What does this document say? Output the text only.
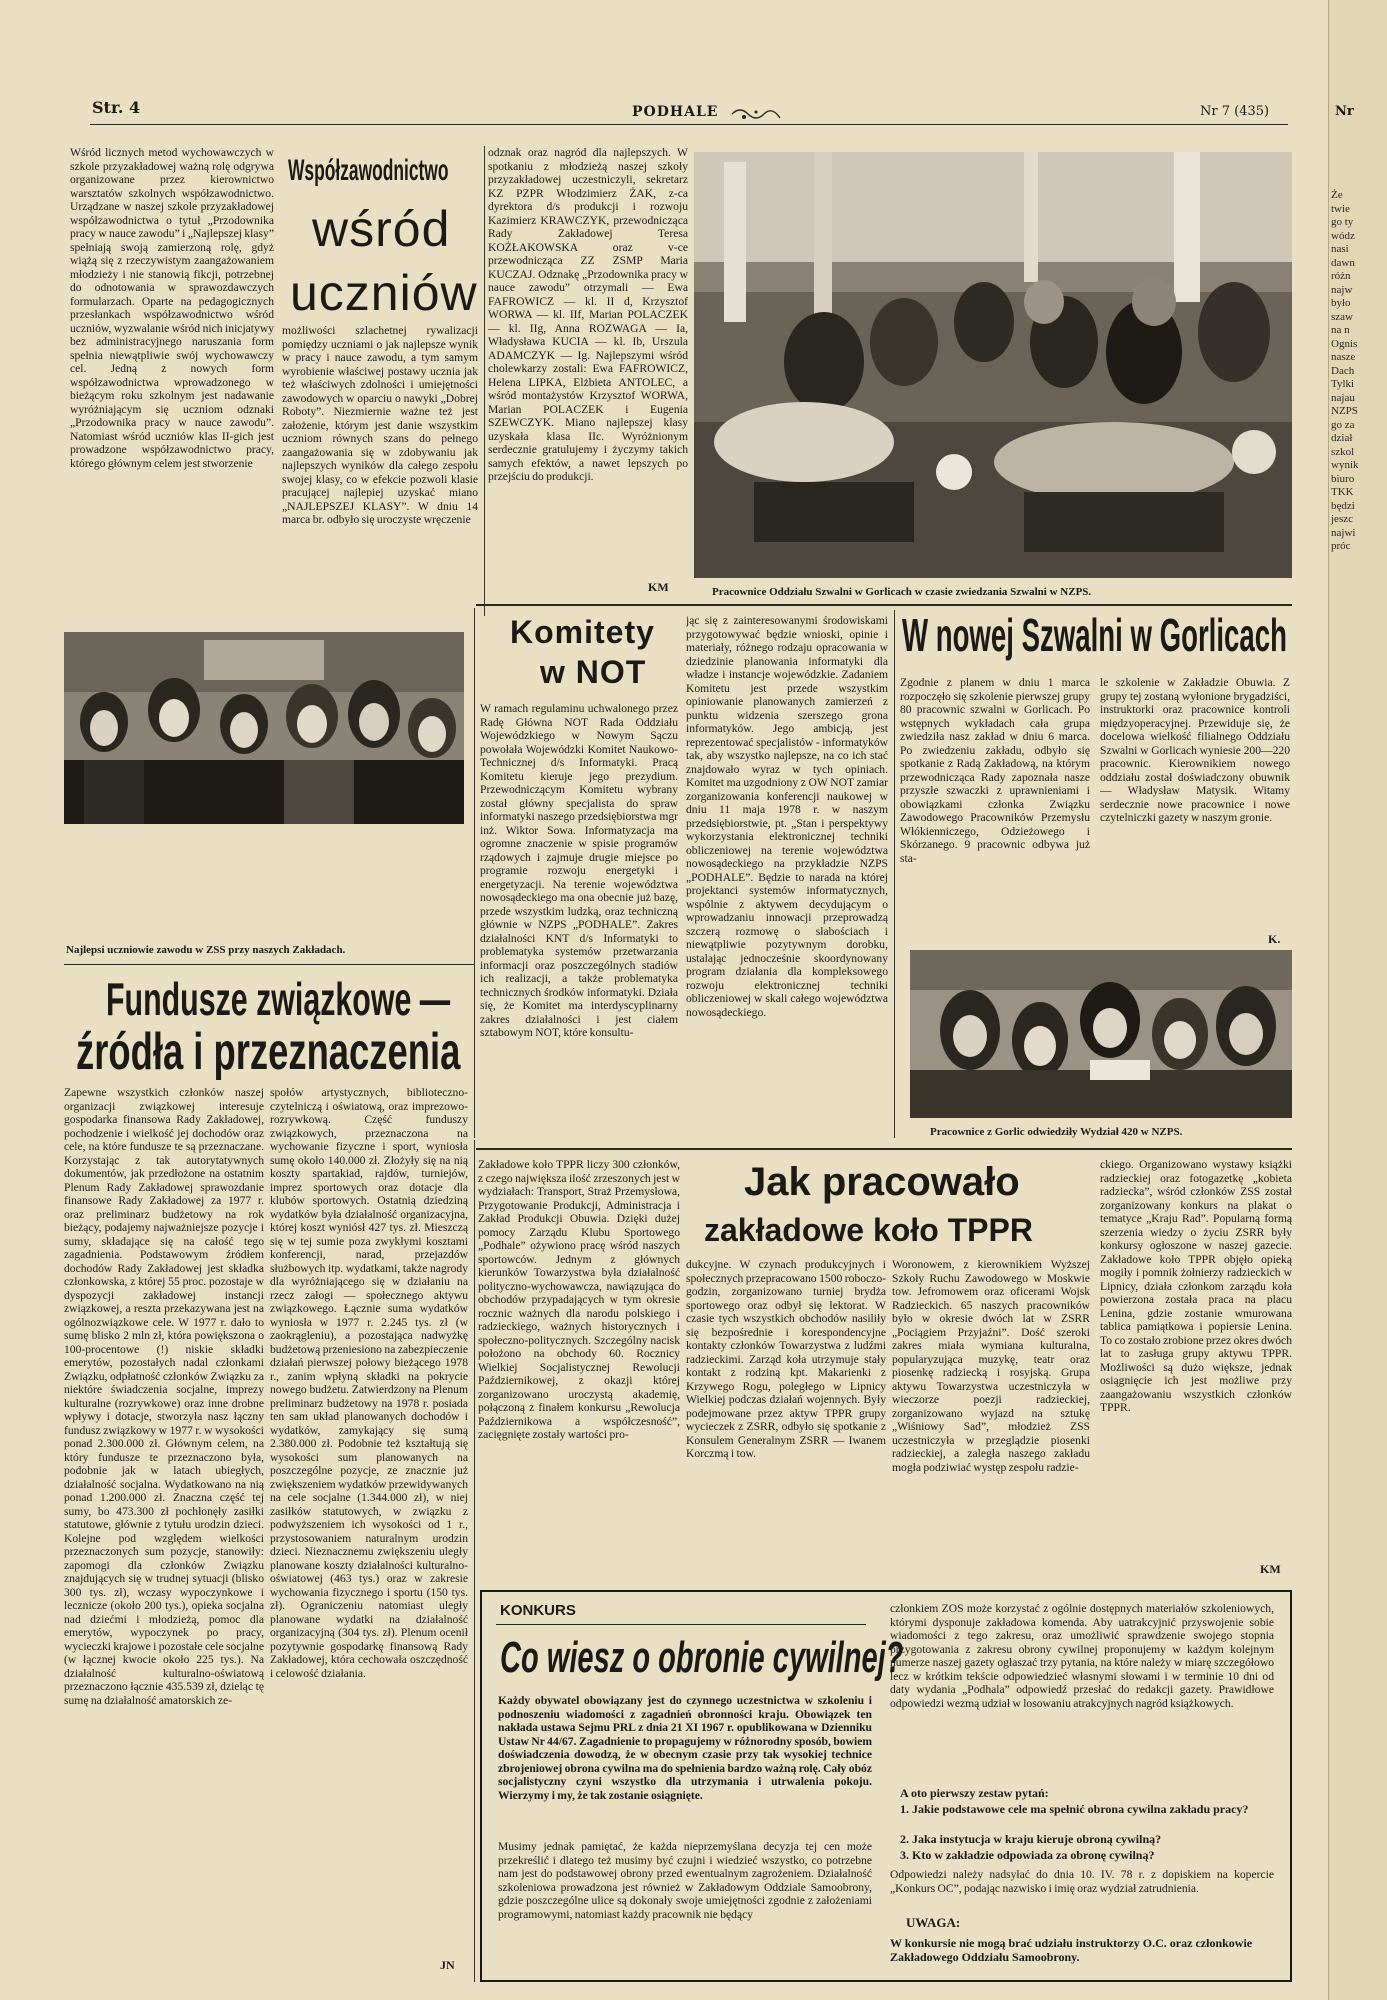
Str. 4	PODHALE	Nr 7 (435)
Wśród licznych metod wychowawczych w szkole przyzakładowej ważną rolę odgrywa organizowane przez kierownictwo warsztatów szkolnych współzawodnictwo. Urządzane w naszej szkole przyzakładowej współzawodnictwa o tytuł „Przodownika pracy w nauce zawodu” i „Najlepszej klasy” spełniają swoją zamierzoną rolę, gdyż wiążą się z rzeczywistym zaangażowaniem młodzieży i nie stanowią fikcji, potrzebnej do odnotowania w sprawozdawczych formularzach. Oparte na pedagogicznych przesłankach współzawodnictwo wśród uczniów, wyzwalanie wśród nich inicjatywy bez administracyjnego naruszania form spełnia niewątpliwie swój wychowawczy cel. Jedną z nowych form współzawodnictwa wprowadzonego w bieżącym roku szkolnym jest nadawanie wyróżniającym się uczniom odznaki „Przodownika pracy w nauce zawodu”. Natomiast wśród uczniów klas II-gich jest prowadzone współzawodnictwo pracy, którego głównym celem jest stworzenie
Współzawodnictwo
wśród
uczniów
możliwości szlachetnej rywalizacji pomiędzy uczniami o jak najlepsze wynik w pracy i nauce zawodu, a tym samym wyrobienie właściwej postawy ucznia jak też właściwych zdolności i umiejętności zawodowych w oparciu o nawyki „Dobrej Roboty”. Niezmiernie ważne też jest założenie, którym jest danie wszystkim uczniom równych szans do pełnego zaangażowania się w zdobywaniu jak najlepszych wyników dla całego zespołu swojej klasy, co w efekcie pozwoli klasie pracującej najlepiej uzyskać miano „NAJLEPSZEJ KLASY”. W dniu 14 marca br. odbyło się uroczyste wręczenie
odznak oraz nagród dla najlepszych. W spotkaniu z młodzieżą naszej szkoły przyzakładowej uczestniczyli, sekretarz KZ PZPR Włodzimierz ŻAK, z-ca dyrektora d/s produkcji i rozwoju Kazimierz KRAWCZYK, przewodnicząca Rady Zakładowej Teresa KOŻŁAKOWSKA oraz v-ce przewodnicząca ZZ ZSMP Maria KUCZAJ. Odznakę „Przodownika pracy w nauce zawodu” otrzymali — Ewa FAFROWICZ — kl. II d, Krzysztof WORWA — kl. IIf, Marian POLACZEK — kl. IIg, Anna ROZWAGA — Ia, Władysława KUCIA — kl. Ib, Urszula ADAMCZYK — Ig. Najlepszymi wśród cholewkarzy zostali: Ewa FAFROWICZ, Helena LIPKA, Elżbieta ANTOLEC, a wśród montażystów Krzysztof WORWA, Marian POLACZEK i Eugenia SZEWCZYK. Miano najlepszej klasy uzyskała klasa IIc. Wyróżnionym serdecznie gratulujemy i życzymy takich samych efektów, a nawet lepszych po przejściu do produkcji.
KM	Pracownice Oddziału Szwalni w Gorlicach w czasie zwiedzania Szwalni w NZPS.
Najlepsi uczniowie zawodu w ZSS przy naszych Zakładach.
Komitety
w NOT
W ramach regulaminu uchwalonego przez Radę Główna NOT Rada Oddziału Wojewódzkiego w Nowym Sączu powołała Wojewódzki Komitet Naukowo-Technicznej d/s Informatyki. Pracą Komitetu kieruje jego prezydium. Przewodniczącym Komitetu wybrany został główny specjalista do spraw informatyki naszego przedsiębiorstwa mgr inż. Wiktor Sowa. Informatyzacja ma ogromne znaczenie w spisie programów rządowych i zajmuje drugie miejsce po programie rozwoju energetyki i energetyzacji. Na terenie województwa nowosądeckiego ma ona obecnie już bazę, przede wszystkim ludzką, oraz techniczną głównie w NZPS „PODHALE”. Zakres działalności KNT d/s Informatyki to problematyka systemów przetwarzania informacji oraz poszczególnych stadiów ich realizacji, a także problematyka technicznych środków informatyki. Działa się, że Komitet ma interdyscyplinarny zakres działalności i jest ciałem sztabowym NOT, które konsultu-
jąc się z zainteresowanymi środowiskami przygotowywać będzie wnioski, opinie i materiały, różnego rodzaju opracowania w dziedzinie planowania informatyki dla władze i instancje wojewódzkie. Zadaniem Komitetu jest przede wszystkim opiniowanie planowanych zamierzeń z punktu widzenia szerszego grona informatyków. Jego ambicją, jest reprezentować specjalistów - informatyków tak, aby wszystko najlepsze, na co ich stać znajdowało wyraz w tych opiniach. Komitet ma uzgodniony z OW NOT zamiar zorganizowania konferencji naukowej w dniu 11 maja 1978 r. w naszym przedsiębiorstwie, pt. „Stan i perspektywy wykorzystania elektronicznej techniki obliczeniowej na terenie województwa nowosądeckiego na przykładzie NZPS „PODHALE”. Będzie to narada na której projektanci systemów informatycznych, wspólnie z aktywem decydującym o wprowadzaniu innowacji przeprowadzą szczerą rozmowę o słabościach i niewątpliwie pozytywnym dorobku, ustalając jednocześnie skoordynowany program działania dla kompleksowego rozwoju elektronicznej techniki obliczeniowej w skali całego województwa nowosądeckiego.
W nowej Szwalni w Gorlicach
Zgodnie z planem w dniu 1 marca rozpoczęło się szkolenie pierwszej grupy 80 pracownic szwalni w Gorlicach. Po wstępnych wykładach cała grupa zwiedziła nasz zakład w dniu 6 marca. Po zwiedzeniu zakładu, odbyło się spotkanie z Radą Zakładową, na którym przewodnicząca Rady zapoznała nasze przyszłe szwaczki z uprawnieniami i obowiązkami członka Związku Zawodowego Pracowników Przemysłu Włókienniczego, Odzieżowego i Skórzanego. 9 pracownic odbywa już sta-
le szkolenie w Zakładzie Obuwia. Z grupy tej zostaną wyłonione brygadziści, instruktorki oraz pracownice kontroli międzyoperacyjnej. Przewiduje się, że docelowa wielkość filialnego Oddziału Szwalni w Gorlicach wyniesie 200—220 pracownic. Kierownikiem nowego oddziału został doświadczony obuwnik — Władysław Matysik. Witamy serdecznie nowe pracownice i nowe czytelniczki gazety w naszym gronie.
K.
Pracownice z Gorlic odwiedziły Wydział 420 w NZPS.
Fundusze związkowe —
źródła i przeznaczenia
Zapewne wszystkich członków naszej organizacji związkowej interesuje gospodarka finansowa Rady Zakładowej, pochodzenie i wielkość jej dochodów oraz cele, na które fundusze te są przeznaczane. Korzystając z tak autorytatywnych dokumentów, jak przedłożone na ostatnim Plenum Rady Zakładowej sprawozdanie finansowe Rady Zakładowej za 1977 r. oraz preliminarz budżetowy na rok bieżący, podajemy najważniejsze pozycje i sumy, składające się na całość tego zagadnienia. Podstawowym źródłem dochodów Rady Zakładowej jest składka członkowska, z której 55 proc. pozostaje w dyspozycji zakładowej instancji związkowej, a reszta przekazywana jest na ogólnozwiązkowe cele. W 1977 r. dało to sumę blisko 2 mln zł, która powiększona o 100-procentowe (!) niskie składki emerytów, pozostałych nadal członkami Związku, odpłatność członków Związku za niektóre świadczenia socjalne, imprezy kulturalne (rozrywkowe) oraz inne drobne wpływy i dotacje, stworzyła nasz łączny fundusz związkowy w 1977 r. w wysokości ponad 2.300.000 zł. Głównym celem, na który fundusze te przeznaczono była, podobnie jak w latach ubiegłych, działalność socjalna. Wydatkowano na nią ponad 1.200.000 zł. Znaczna część tej sumy, bo 473.300 zł pochłonęły zasiłki statutowe, głównie z tytułu urodzin dzieci. Kolejne pod względem wielkości przeznaczonych sum pozycje, stanowiły: zapomogi dla członków Związku znajdujących się w trudnej sytuacji (blisko 300 tys. zł), wczasy wypoczynkowe i lecznicze (około 200 tys.), opieka socjalna nad dziećmi i młodzieżą, pomoc dla emerytów, wypoczynek po pracy, wycieczki krajowe i pozostałe cele socjalne (w łącznej kwocie około 225 tys.). Na działalność kulturalno-oświatową przeznaczono łącznie 435.539 zł, dzieląc tę sumę na działalność amatorskich ze-
społów artystycznych, biblioteczno-czytelniczą i oświatową, oraz imprezowo-rozrywkową. Część funduszy związkowych, przeznaczona na wychowanie fizyczne i sport, wyniosła sumę około 140.000 zł. Złożyły się na nią koszty spartakiad, rajdów, turniejów, imprez sportowych oraz dotacje dla klubów sportowych. Ostatnią dziedziną wydatków była działalność organizacyjna, której koszt wyniósł 427 tys. zł. Mieszczą się w tej sumie poza zwykłymi kosztami konferencji, narad, przejazdów służbowych itp. wydatkami, także nagrody dla wyróżniającego się w działaniu na rzecz załogi — społecznego aktywu związkowego. Łącznie suma wydatków wyniosła w 1977 r. 2.245 tys. zł (w zaokrągleniu), a pozostająca nadwyżkę budżetową przeniesiono na zabezpieczenie działań pierwszej połowy bieżącego 1978 r., zanim wpłyną składki na pokrycie nowego budżetu. Zatwierdzony na Plenum preliminarz budżetowy na 1978 r. posiada ten sam układ planowanych dochodów i wydatków, zamykający się sumą 2.380.000 zł. Podobnie też kształtują się wysokości sum planowanych na poszczególne pozycje, ze znacznie już zwiększeniem wydatków przewidywanych na cele socjalne (1.344.000 zł), w niej zasiłków statutowych, w związku z podwyższeniem ich wysokości od 1 r., przystosowaniem naturalnym urodzin dzieci. Nieznacznemu zwiększeniu uległy planowane koszty działalności kulturalno-oświatowej (463 tys.) oraz w zakresie wychowania fizycznego i sportu (150 tys. zł). Ograniczeniu natomiast uległy planowane wydatki na działalność organizacyjną (304 tys. zł). Plenum ocenił pozytywnie gospodarkę finansową Rady Zakładowej, która cechowała oszczędność i celowość działania.
JN
Zakładowe koło TPPR liczy 300 członków, z czego największa ilość zrzeszonych jest w wydziałach: Transport, Straż Przemysłowa, Przygotowanie Produkcji, Administracja i Zakład Produkcji Obuwia. Dzięki dużej pomocy Zarządu Klubu Sportowego „Podhale” ożywiono pracę wśród naszych sportowców. Jednym z głównych kierunków Towarzystwa była działalność polityczno-wychowawcza, nawiązująca do obchodów przypadających w tym okresie rocznic ważnych dla narodu polskiego i radzieckiego, ważnych historycznych i społeczno-politycznych. Szczególny nacisk położono na obchody 60. Rocznicy Wielkiej Socjalistycznej Rewolucji Październikowej, z okazji której zorganizowano uroczystą akademię, połączoną z finałem konkursu „Rewolucja Październikowa a współczesność”, zacięgnięte zostały wartości pro-
Jak pracowało
zakładowe koło TPPR
dukcyjne. W czynach produkcyjnych i społecznych przepracowano 1500 roboczo-godzin, zorganizowano turniej brydża sportowego oraz odbył się lektorat. W czasie tych wszystkich obchodów nasiliły się bezpośrednie i korespondencyjne kontakty członków Towarzystwa z ludźmi radzieckimi. Zarząd koła utrzymuje stały kontakt z rodziną kpt. Makarienki z Krzywego Rogu, poległego w Lipnicy Wielkiej podczas działań wojennych. Były podejmowane przez aktyw TPPR grupy wycieczek z ZSRR, odbyło się spotkanie z Konsulem Generalnym ZSRR — Iwanem Korczmą i tow.
Woronowem, z kierownikiem Wyższej Szkoły Ruchu Zawodowego w Moskwie tow. Jefromowem oraz oficerami Wojsk Radzieckich. 65 naszych pracowników było w okresie dwóch lat w ZSRR „Pociągiem Przyjaźni”. Dość szeroki zakres miała wymiana kulturalna, popularyzująca muzykę, teatr oraz piosenkę radziecką i rosyjską. Grupa aktywu Towarzystwa uczestniczyła w wieczorze poezji radzieckiej, zorganizowano wyjazd na sztukę „Wiśniowy Sad”, młodzież ZSS uczestniczyła w przeglądzie piosenki radzieckiej, a zaległa naszego zakładu mogła podziwiać występ zespołu radzie-
ckiego. Organizowano wystawy książki radzieckiej oraz fotogazetkę „kobieta radziecka”, wśród członków ZSS został zorganizowany konkurs na plakat o tematyce „Kraju Rad”. Popularną formą szerzenia wiedzy o życiu ZSRR były konkursy ogłoszone w naszej gazecie. Zakładowe koło TPPR objęło opieką mogiły i pomnik żołnierzy radzieckich w Lipnicy, działa członkom zarządu koła powierzona została praca na placu Lenina, gdzie zostanie wmurowana tablica pamiątkowa i popiersie Lenina. To co zostało zrobione przez okres dwóch lat to zasługa grupy aktywu TPPR. Możliwości są dużo większe, jednak osiągnięcie ich jest możliwe przy zaangażowaniu wszystkich członków TPPR.
KM
KONKURS
Co wiesz o obronie cywilnej?
Każdy obywatel obowiązany jest do czynnego uczestnictwa w szkoleniu i podnoszeniu wiadomości z zagadnień obronności kraju. Obowiązek ten nakłada ustawa Sejmu PRL z dnia 21 XI 1967 r. opublikowana w Dzienniku Ustaw Nr 44/67. Zagadnienie to propagujemy w różnorodny sposób, bowiem doświadczenia dowodzą, że w obecnym czasie przy tak wysokiej technice zbrojeniowej obrona cywilna ma do spełnienia bardzo ważną rolę. Cały obóz socjalistyczny czyni wszystko dla utrzymania i utrwalenia pokoju. Wierzymy i my, że tak zostanie osiągnięte.
Musimy jednak pamiętać, że każda nieprzemyślana decyzja tej cen może przekreślić i dlatego też musimy być czujni i wiedzieć wszystko, co potrzebne nam jest do podstawowej obrony przed ewentualnym zagrożeniem. Działalność szkoleniowa prowadzona jest również w Zakładowym Oddziale Samoobrony, gdzie poszczególne ulice są dokonały swoje umiejętności zgodnie z założeniami programowymi, natomiast każdy pracownik nie będący
członkiem ZOS może korzystać z ogólnie dostępnych materiałów szkoleniowych, którymi dysponuje zakładowa komenda. Aby uatrakcyjnić przyswojenie sobie wiadomości z tego zakresu, oraz umożliwić sprawdzenie swojego stopnia przygotowania z zakresu obrony cywilnej proponujemy w każdym kolejnym numerze naszej gazety ogłaszać trzy pytania, na które należy w miarę szczegółowo lecz w krótkim tekście odpowiedzieć własnymi słowami i w terminie 10 dni od daty wydania „Podhala” odpowiedź przesłać do redakcji gazety. Prawidłowe odpowiedzi wezmą udział w losowaniu atrakcyjnych nagród książkowych.
A oto pierwszy zestaw pytań:
1. Jakie podstawowe cele ma spełnić obrona cywilna zakładu pracy?
2. Jaka instytucja w kraju kieruje obroną cywilną?
3. Kto w zakładzie odpowiada za obronę cywilną?
Odpowiedzi należy nadsyłać do dnia 10. IV. 78 r. z dopiskiem na kopercie „Konkurs OC”, podając nazwisko i imię oraz wydział zatrudnienia.
UWAGA:
W konkursie nie mogą brać udziału instruktorzy O.C. oraz członkowie Zakładowego Oddziału Samoobrony.
Nr
Że
twie
go ty
wódz
nasi
dawn
różn
najw
było
szaw
na n
Ognis
nasze
Dach
Tylki
najau
NZPS
go za
dział
szkol
wynik
biuro
TKK
będzi
jeszc
najwi
próc
